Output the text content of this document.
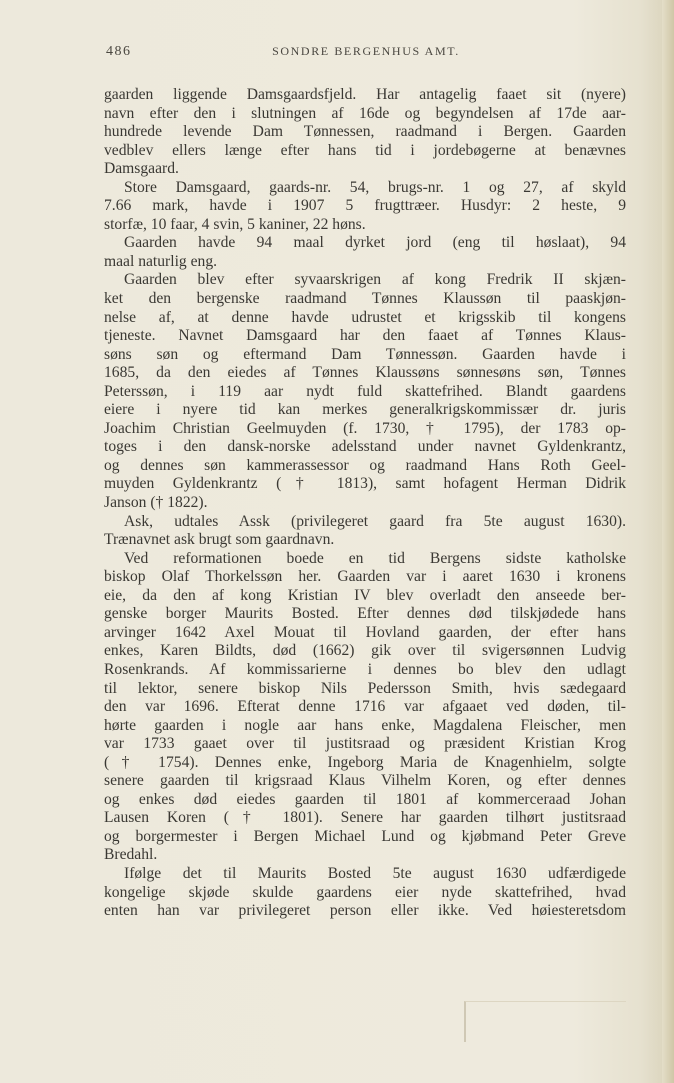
486	SONDRE BERGENHUS AMT.
gaarden liggende Damsgaardsfjeld. Har antagelig faaet sit (nyere)
navn efter den i slutningen af 16de og begyndelsen af 17de aar-
hundrede levende Dam Tønnessen, raadmand i Bergen. Gaarden
vedblev ellers længe efter hans tid i jordebøgerne at benævnes
Damsgaard.
Store Damsgaard, gaards-nr. 54, brugs-nr. 1 og 27, af skyld
7.66 mark, havde i 1907 5 frugttræer. Husdyr: 2 heste, 9
storfæ, 10 faar, 4 svin, 5 kaniner, 22 høns.
Gaarden havde 94 maal dyrket jord (eng til høslaat), 94
maal naturlig eng.
Gaarden blev efter syvaarskrigen af kong Fredrik II skjæn-
ket den bergenske raadmand Tønnes Klaussøn til paaskjøn-
nelse af, at denne havde udrustet et krigsskib til kongens
tjeneste. Navnet Damsgaard har den faaet af Tønnes Klaus-
søns søn og eftermand Dam Tønnessøn. Gaarden havde i
1685, da den eiedes af Tønnes Klaussøns sønnesøns søn, Tønnes
Peterssøn, i 119 aar nydt fuld skattefrihed. Blandt gaardens
eiere i nyere tid kan merkes generalkrigskommissær dr. juris
Joachim Christian Geelmuyden (f. 1730, † 1795), der 1783 op-
toges i den dansk-norske adelsstand under navnet Gyldenkrantz,
og dennes søn kammerassessor og raadmand Hans Roth Geel-
muyden Gyldenkrantz († 1813), samt hofagent Herman Didrik
Janson († 1822).
Ask, udtales Assk (privilegeret gaard fra 5te august 1630).
Trænavnet ask brugt som gaardnavn.
Ved reformationen boede en tid Bergens sidste katholske
biskop Olaf Thorkelssøn her. Gaarden var i aaret 1630 i kronens
eie, da den af kong Kristian IV blev overladt den anseede ber-
genske borger Maurits Bosted. Efter dennes død tilskjødede hans
arvinger 1642 Axel Mouat til Hovland gaarden, der efter hans
enkes, Karen Bildts, død (1662) gik over til svigersønnen Ludvig
Rosenkrands. Af kommissarierne i dennes bo blev den udlagt
til lektor, senere biskop Nils Pedersson Smith, hvis sædegaard
den var 1696. Efterat denne 1716 var afgaaet ved døden, til-
hørte gaarden i nogle aar hans enke, Magdalena Fleischer, men
var 1733 gaaet over til justitsraad og præsident Kristian Krog
(† 1754). Dennes enke, Ingeborg Maria de Knagenhielm, solgte
senere gaarden til krigsraad Klaus Vilhelm Koren, og efter dennes
og enkes død eiedes gaarden til 1801 af kommerceraad Johan
Lausen Koren († 1801). Senere har gaarden tilhørt justitsraad
og borgermester i Bergen Michael Lund og kjøbmand Peter Greve
Bredahl.
Ifølge det til Maurits Bosted 5te august 1630 udfærdigede
kongelige skjøde skulde gaardens eier nyde skattefrihed, hvad
enten han var privilegeret person eller ikke. Ved høiesteretsdom
